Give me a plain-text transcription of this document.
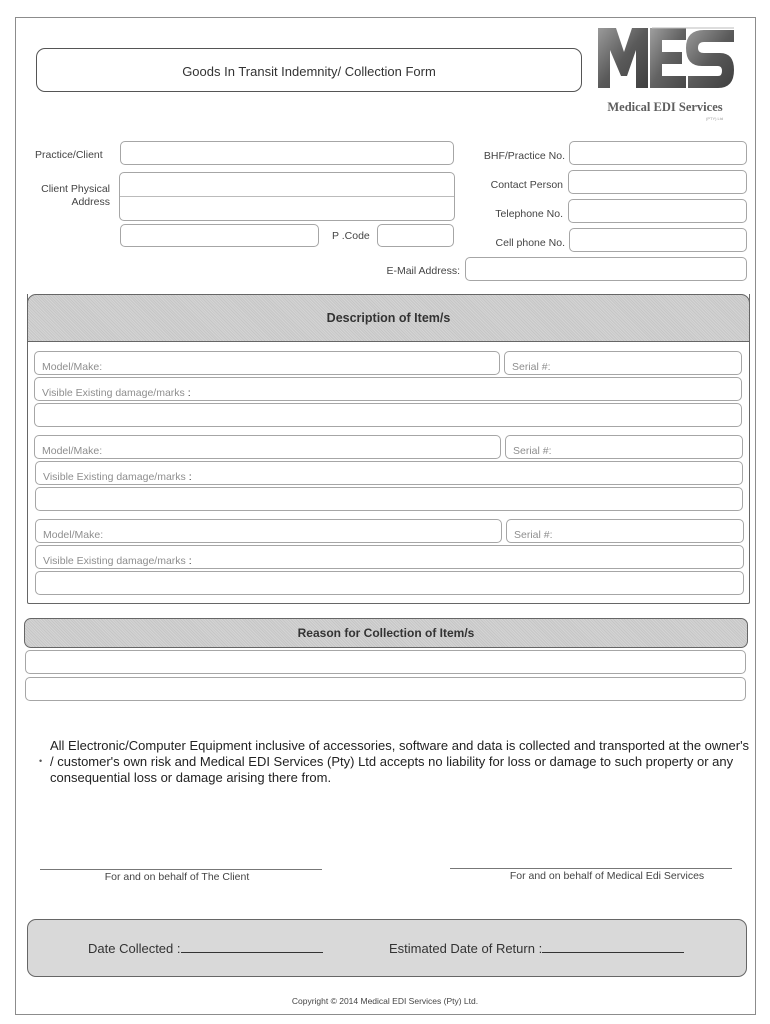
Goods In Transit Indemnity/ Collection Form
Medical EDI Services
(PTY) Ltd
Practice/Client
Client Physical
Address
P .Code
BHF/Practice No.
Contact Person
Telephone No.
Cell phone No.
E-Mail Address:
Description of Item/s
Model/Make:	Serial #:
Visible Existing damage/marks :
Model/Make:	Serial #:
Visible Existing damage/marks :
Model/Make:	Serial #:
Visible Existing damage/marks :
Reason for Collection of Item/s
•
All Electronic/Computer Equipment inclusive of accessories, software and data is collected and transported at the owner's / customer's own risk and Medical EDI Services (Pty) Ltd accepts no liability for loss or damage to such property or any consequential loss or damage arising there from.
For and on behalf of The Client	For and on behalf of Medical Edi Services
Date Collected :	Estimated Date of Return :
Copyright © 2014 Medical EDI Services (Pty) Ltd.
